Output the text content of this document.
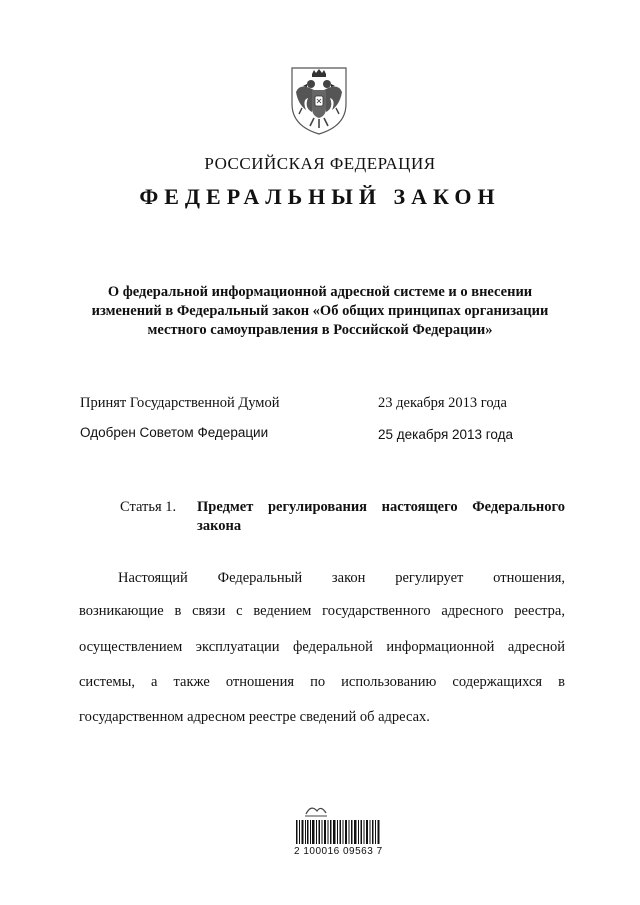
РОССИЙСКАЯ ФЕДЕРАЦИЯ
ФЕДЕРАЛЬНЫЙ ЗАКОН
О федеральной информационной адресной системе и о внесении
изменений в Федеральный закон «Об общих принципах организации
местного самоуправления в Российской Федерации»
Принят Государственной Думой	23 декабря 2013 года
Одобрен Советом Федерации	25 декабря 2013 года
Статья 1. Предмет регулирования настоящего Федерального закона
Настоящий Федеральный закон регулирует отношения,
возникающие в связи с ведением государственного адресного реестра,
осуществлением эксплуатации федеральной информационной адресной
системы, а также отношения по использованию содержащихся в
государственном адресном реестре сведений об адресах.
2 100016 09563 7
